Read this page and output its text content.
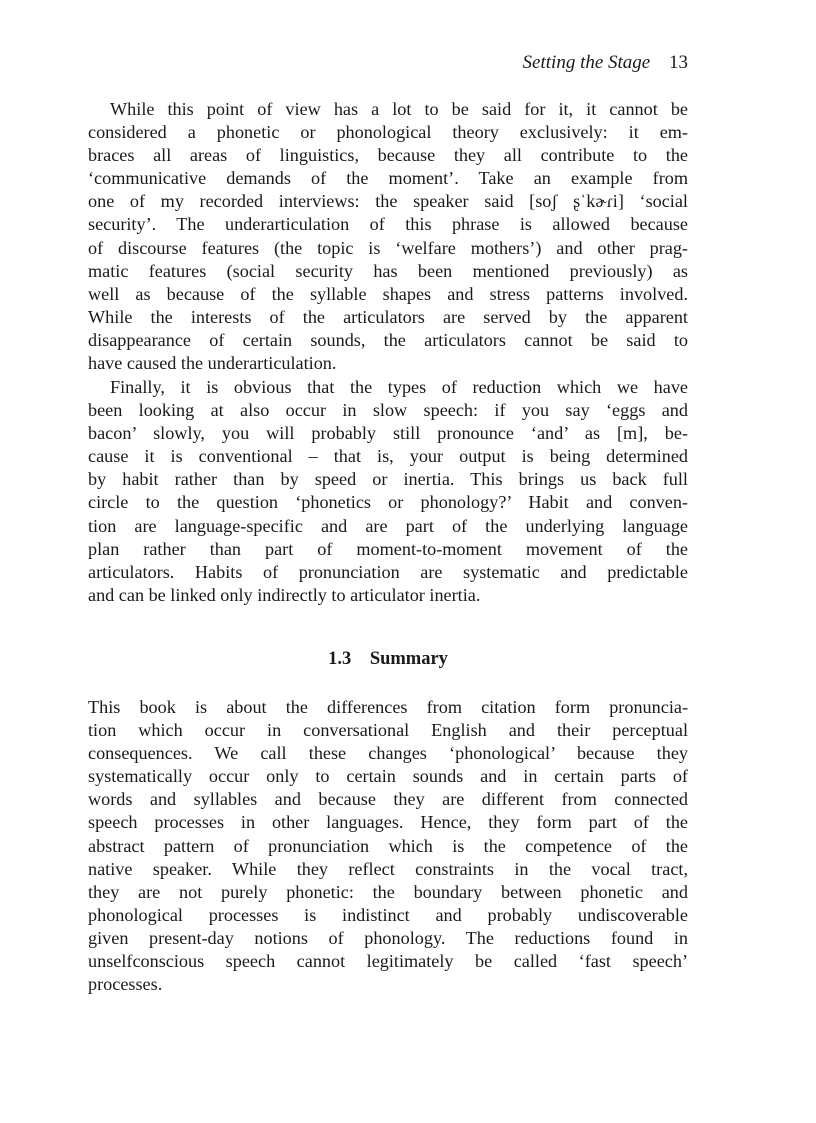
Setting the Stage 13

While this point of view has a lot to be said for it, it cannot be
considered a phonetic or phonological theory exclusively: it em-
braces all areas of linguistics, because they all contribute to the
‘communicative demands of the moment’. Take an example from
one of my recorded interviews: the speaker said [soʃ ʂˈkɚɾi] ‘social
security’. The underarticulation of this phrase is allowed because
of discourse features (the topic is ‘welfare mothers’) and other prag-
matic features (social security has been mentioned previously) as
well as because of the syllable shapes and stress patterns involved.
While the interests of the articulators are served by the apparent
disappearance of certain sounds, the articulators cannot be said to
have caused the underarticulation.

Finally, it is obvious that the types of reduction which we have
been looking at also occur in slow speech: if you say ‘eggs and
bacon’ slowly, you will probably still pronounce ‘and’ as [m], be-
cause it is conventional – that is, your output is being determined
by habit rather than by speed or inertia. This brings us back full
circle to the question ‘phonetics or phonology?’ Habit and conven-
tion are language-specific and are part of the underlying language
plan rather than part of moment-to-moment movement of the
articulators. Habits of pronunciation are systematic and predictable
and can be linked only indirectly to articulator inertia.

1.3 Summary

This book is about the differences from citation form pronuncia-
tion which occur in conversational English and their perceptual
consequences. We call these changes ‘phonological’ because they
systematically occur only to certain sounds and in certain parts of
words and syllables and because they are different from connected
speech processes in other languages. Hence, they form part of the
abstract pattern of pronunciation which is the competence of the
native speaker. While they reflect constraints in the vocal tract,
they are not purely phonetic: the boundary between phonetic and
phonological processes is indistinct and probably undiscoverable
given present-day notions of phonology. The reductions found in
unselfconscious speech cannot legitimately be called ‘fast speech’
processes.
